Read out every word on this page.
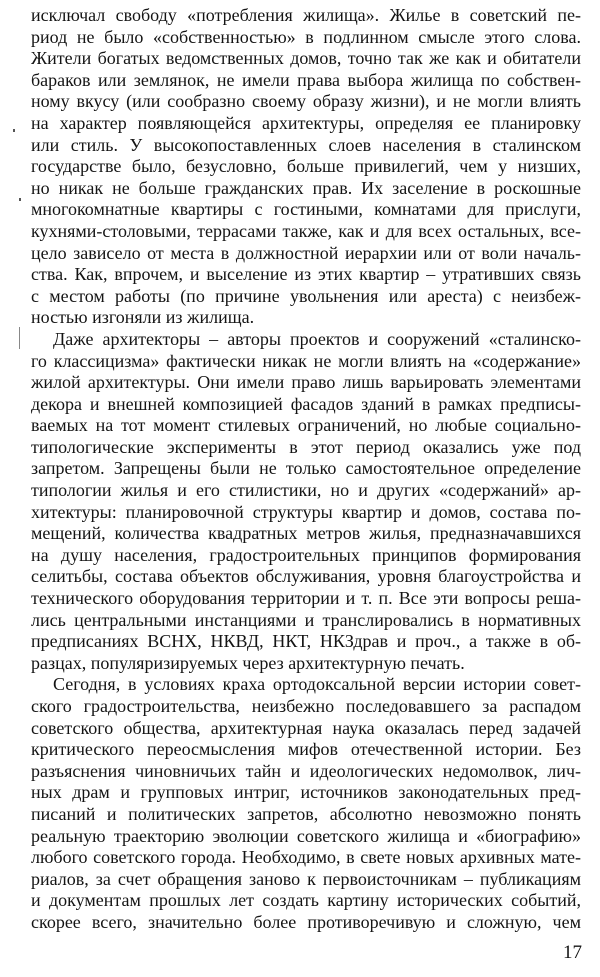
исключал свободу «потребления жилища». Жилье в советский пе-
риод не было «собственностью» в подлинном смысле этого слова.
Жители богатых ведомственных домов, точно так же как и обитатели
бараков или землянок, не имели права выбора жилища по собствен-
ному вкусу (или сообразно своему образу жизни), и не могли влиять
на характер появляющейся архитектуры, определяя ее планировку
или стиль. У высокопоставленных слоев населения в сталинском
государстве было, безусловно, больше привилегий, чем у низших,
но никак не больше гражданских прав. Их заселение в роскошные
многокомнатные квартиры с гостиными, комнатами для прислуги,
кухнями-столовыми, террасами также, как и для всех остальных, все-
цело зависело от места в должностной иерархии или от воли началь-
ства. Как, впрочем, и выселение из этих квартир – утративших связь
с местом работы (по причине увольнения или ареста) с неизбеж-
ностью изгоняли из жилища.
Даже архитекторы – авторы проектов и сооружений «сталинско-
го классицизма» фактически никак не могли влиять на «содержание»
жилой архитектуры. Они имели право лишь варьировать элементами
декора и внешней композицией фасадов зданий в рамках предписы-
ваемых на тот момент стилевых ограничений, но любые социально-
типологические эксперименты в этот период оказались уже под
запретом. Запрещены были не только самостоятельное определение
типологии жилья и его стилистики, но и других «содержаний» ар-
хитектуры: планировочной структуры квартир и домов, состава по-
мещений, количества квадратных метров жилья, предназначавшихся
на душу населения, градостроительных принципов формирования
селитьбы, состава объектов обслуживания, уровня благоустройства и
технического оборудования территории и т. п. Все эти вопросы реша-
лись центральными инстанциями и транслировались в нормативных
предписаниях ВСНХ, НКВД, НКТ, НКЗдрав и проч., а также в об-
разцах, популяризируемых через архитектурную печать.
Сегодня, в условиях краха ортодоксальной версии истории совет-
ского градостроительства, неизбежно последовавшего за распадом
советского общества, архитектурная наука оказалась перед задачей
критического переосмысления мифов отечественной истории. Без
разъяснения чиновничьих тайн и идеологических недомолвок, лич-
ных драм и групповых интриг, источников законодательных пред-
писаний и политических запретов, абсолютно невозможно понять
реальную траекторию эволюции советского жилища и «биографию»
любого советского города. Необходимо, в свете новых архивных мате-
риалов, за счет обращения заново к первоисточникам – публикациям
и документам прошлых лет создать картину исторических событий,
скорее всего, значительно более противоречивую и сложную, чем
17
